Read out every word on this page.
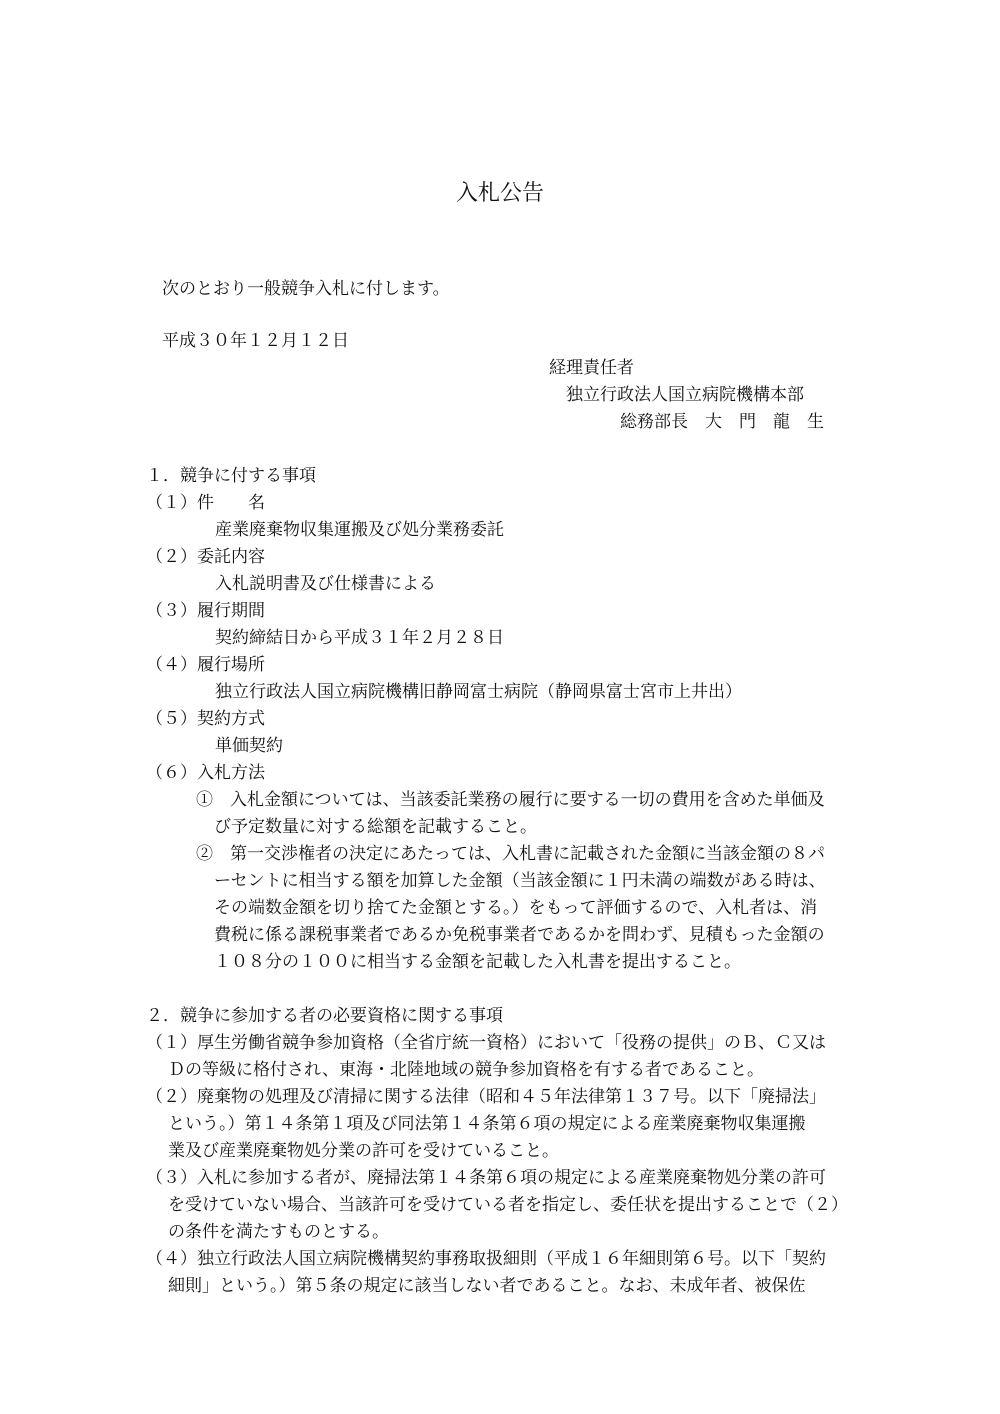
入札公告
次のとおり一般競争入札に付します。
平成３０年１２月１２日
経理責任者
独立行政法人国立病院機構本部
総務部長　大　門　龍　生
１．競争に付する事項
（１）件　　名
産業廃棄物収集運搬及び処分業務委託
（２）委託内容
入札説明書及び仕様書による
（３）履行期間
契約締結日から平成３１年２月２８日
（４）履行場所
独立行政法人国立病院機構旧静岡富士病院（静岡県富士宮市上井出）
（５）契約方式
単価契約
（６）入札方法
①　入札金額については、当該委託業務の履行に要する一切の費用を含めた単価及
び予定数量に対する総額を記載すること。
②　第一交渉権者の決定にあたっては、入札書に記載された金額に当該金額の８パ
ーセントに相当する額を加算した金額（当該金額に１円未満の端数がある時は、
その端数金額を切り捨てた金額とする。）をもって評価するので、入札者は、消
費税に係る課税事業者であるか免税事業者であるかを問わず、見積もった金額の
１０８分の１００に相当する金額を記載した入札書を提出すること。
２．競争に参加する者の必要資格に関する事項
（１）厚生労働省競争参加資格（全省庁統一資格）において「役務の提供」のＢ、Ｃ又は
Ｄの等級に格付され、東海・北陸地域の競争参加資格を有する者であること。
（２）廃棄物の処理及び清掃に関する法律（昭和４５年法律第１３７号。以下「廃掃法」
という。）第１４条第１項及び同法第１４条第６項の規定による産業廃棄物収集運搬
業及び産業廃棄物処分業の許可を受けていること。
（３）入札に参加する者が、廃掃法第１４条第６項の規定による産業廃棄物処分業の許可
を受けていない場合、当該許可を受けている者を指定し、委任状を提出することで（２）
の条件を満たすものとする。
（４）独立行政法人国立病院機構契約事務取扱細則（平成１６年細則第６号。以下「契約
細則」という。）第５条の規定に該当しない者であること。なお、未成年者、被保佐
